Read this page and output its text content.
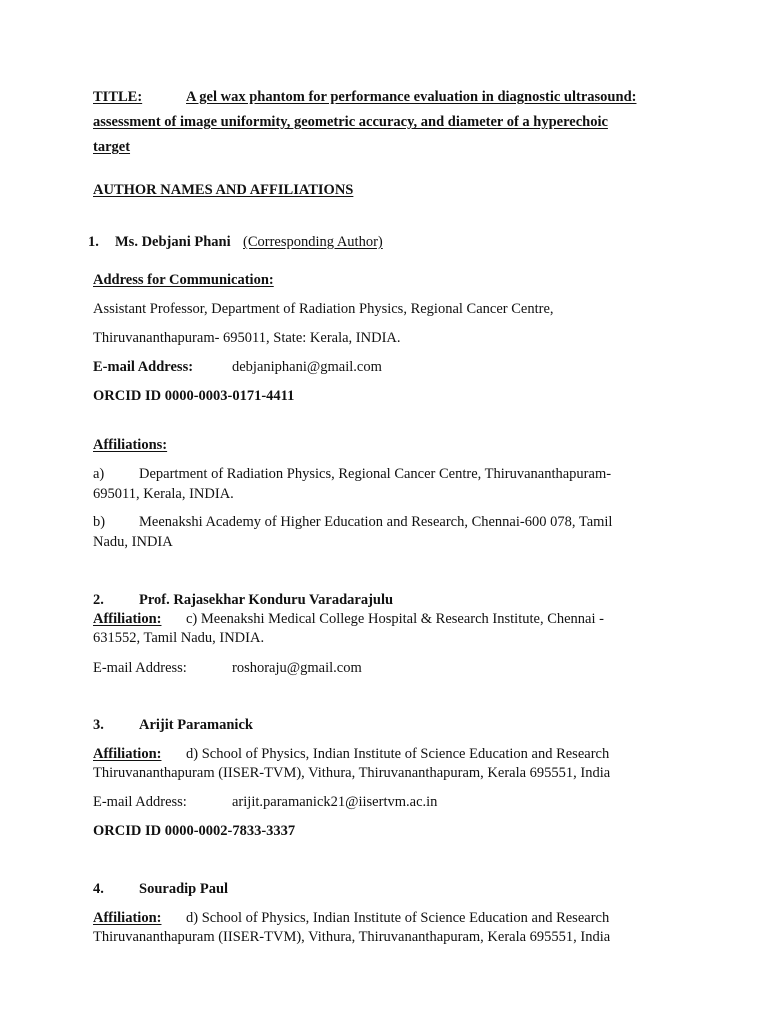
TITLE:	A gel wax phantom for performance evaluation in diagnostic ultrasound:
assessment of image uniformity, geometric accuracy, and diameter of a hyperechoic
target
AUTHOR NAMES AND AFFILIATIONS
1. Ms. Debjani Phani (Corresponding Author)
Address for Communication:
Assistant Professor, Department of Radiation Physics, Regional Cancer Centre,
Thiruvananthapuram- 695011, State: Kerala, INDIA.
E-mail Address:	debjaniphani@gmail.com
ORCID ID 0000-0003-0171-4411
Affiliations:
a) Department of Radiation Physics, Regional Cancer Centre, Thiruvananthapuram-
695011, Kerala, INDIA.
b) Meenakshi Academy of Higher Education and Research, Chennai-600 078, Tamil
Nadu, INDIA
2. Prof. Rajasekhar Konduru Varadarajulu
Affiliation: c) Meenakshi Medical College Hospital & Research Institute, Chennai -
631552, Tamil Nadu, INDIA.
E-mail Address:	roshoraju@gmail.com
3. Arijit Paramanick
Affiliation: d) School of Physics, Indian Institute of Science Education and Research
Thiruvananthapuram (IISER-TVM), Vithura, Thiruvananthapuram, Kerala 695551, India
E-mail Address:	arijit.paramanick21@iisertvm.ac.in
ORCID ID 0000-0002-7833-3337
4. Souradip Paul
Affiliation: d) School of Physics, Indian Institute of Science Education and Research
Thiruvananthapuram (IISER-TVM), Vithura, Thiruvananthapuram, Kerala 695551, India
